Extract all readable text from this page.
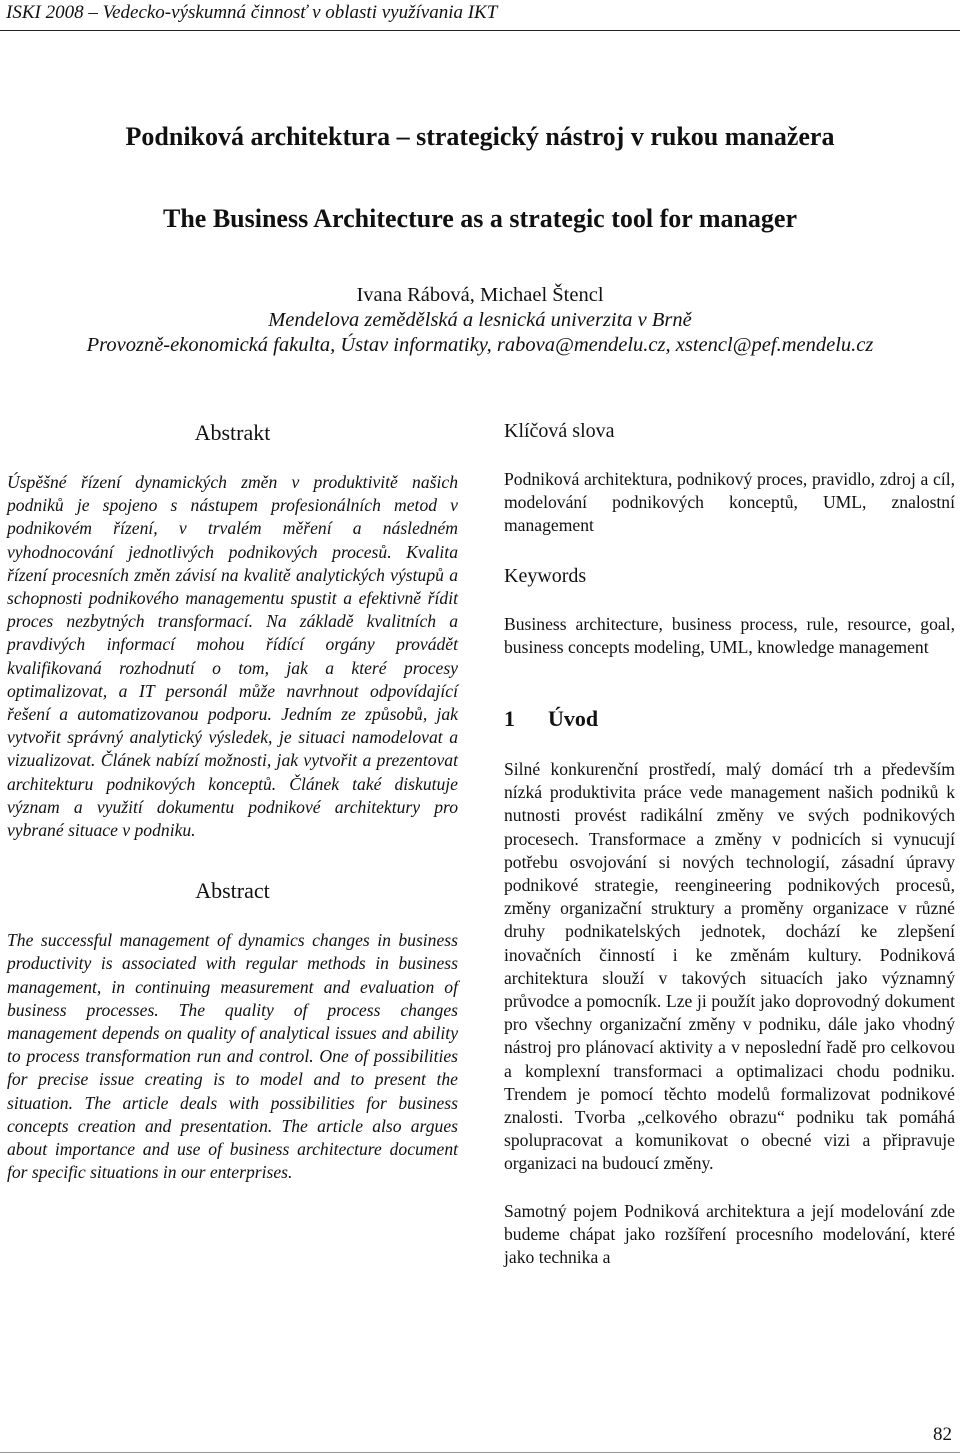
ISKI 2008 – Vedecko-výskumná činnosť v oblasti využívania IKT
Podniková architektura – strategický nástroj v rukou manažera
The Business Architecture as a strategic tool for manager
Ivana Rábová, Michael Štencl
Mendelova zemědělská a lesnická univerzita v Brně
Provozně-ekonomická fakulta, Ústav informatiky, rabova@mendelu.cz, xstencl@pef.mendelu.cz
Abstrakt

Úspěšné řízení dynamických změn v produktivitě našich podniků je spojeno s nástupem profesionálních metod v podnikovém řízení, v trvalém měření a následném vyhodnocování jednotlivých podnikových procesů. Kvalita řízení procesních změn závisí na kvalitě analytických výstupů a schopnosti podnikového managementu spustit a efektivně řídit proces nezbytných transformací. Na základě kvalitních a pravdivých informací mohou řídící orgány provádět kvalifikovaná rozhodnutí o tom, jak a které procesy optimalizovat, a IT personál může navrhnout odpovídající řešení a automatizovanou podporu. Jedním ze způsobů, jak vytvořit správný analytický výsledek, je situaci namodelovat a vizualizovat. Článek nabízí možnosti, jak vytvořit a prezentovat architekturu podnikových konceptů. Článek také diskutuje význam a využití dokumentu podnikové architektury pro vybrané situace v podniku.

Abstract

The successful management of dynamics changes in business productivity is associated with regular methods in business management, in continuing measurement and evaluation of business processes. The quality of process changes management depends on quality of analytical issues and ability to process transformation run and control. One of possibilities for precise issue creating is to model and to present the situation. The article deals with possibilities for business concepts creation and presentation. The article also argues about importance and use of business architecture document for specific situations in our enterprises.

Klíčová slova

Podniková architektura, podnikový proces, pravidlo, zdroj a cíl, modelování podnikových konceptů, UML, znalostní management

Keywords

Business architecture, business process, rule, resource, goal, business concepts modeling, UML, knowledge management

1	Úvod

Silné konkurenční prostředí, malý domácí trh a především nízká produktivita práce vede management našich podniků k nutnosti provést radikální změny ve svých podnikových procesech. Transformace a změny v podnicích si vynucují potřebu osvojování si nových technologií, zásadní úpravy podnikové strategie, reengineering podnikových procesů, změny organizační struktury a proměny organizace v různé druhy podnikatelských jednotek, dochází ke zlepšení inovačních činností i ke změnám kultury. Podniková architektura slouží v takových situacích jako významný průvodce a pomocník. Lze ji použít jako doprovodný dokument pro všechny organizační změny v podniku, dále jako vhodný nástroj pro plánovací aktivity a v neposlední řadě pro celkovou a komplexní transformaci a optimalizaci chodu podniku. Trendem je pomocí těchto modelů formalizovat podnikové znalosti. Tvorba „celkového obrazu“ podniku tak pomáhá spolupracovat a komunikovat o obecné vizi a připravuje organizaci na budoucí změny.

Samotný pojem Podniková architektura a její modelování zde budeme chápat jako rozšíření procesního modelování, které jako technika a

82
